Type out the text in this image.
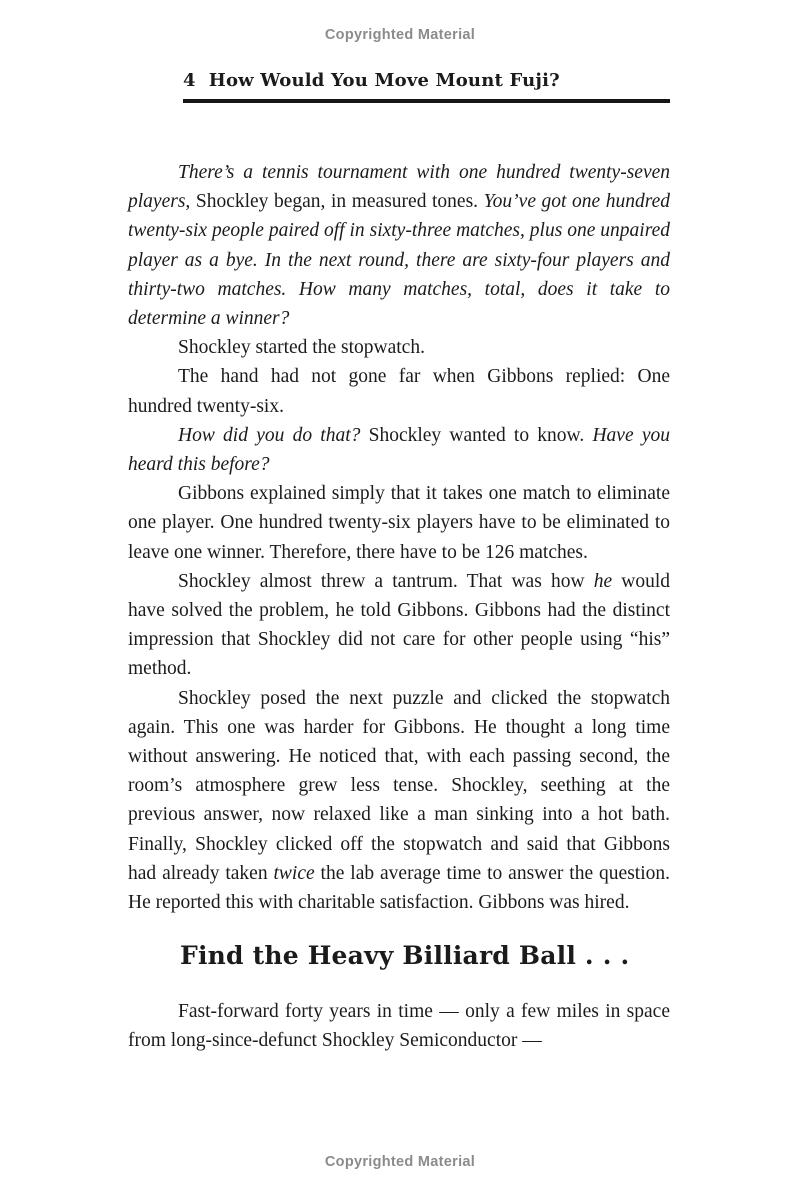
Copyrighted Material
4 How Would You Move Mount Fuji?

There’s a tennis tournament with one hundred twenty-seven players, Shockley began, in measured tones. You’ve got one hundred twenty-six people paired off in sixty-three matches, plus one unpaired player as a bye. In the next round, there are sixty-four players and thirty-two matches. How many matches, total, does it take to determine a winner?

Shockley started the stopwatch.

The hand had not gone far when Gibbons replied: One hundred twenty-six.

How did you do that? Shockley wanted to know. Have you heard this before?

Gibbons explained simply that it takes one match to eliminate one player. One hundred twenty-six players have to be eliminated to leave one winner. Therefore, there have to be 126 matches.

Shockley almost threw a tantrum. That was how he would have solved the problem, he told Gibbons. Gibbons had the distinct impression that Shockley did not care for other people using “his” method.

Shockley posed the next puzzle and clicked the stopwatch again. This one was harder for Gibbons. He thought a long time without answering. He noticed that, with each passing second, the room’s atmosphere grew less tense. Shockley, seething at the previous answer, now relaxed like a man sinking into a hot bath. Finally, Shockley clicked off the stopwatch and said that Gibbons had already taken twice the lab average time to answer the question. He reported this with charitable satisfaction. Gibbons was hired.

Find the Heavy Billiard Ball . . .

Fast-forward forty years in time — only a few miles in space from long-since-defunct Shockley Semiconductor —

Copyrighted Material
